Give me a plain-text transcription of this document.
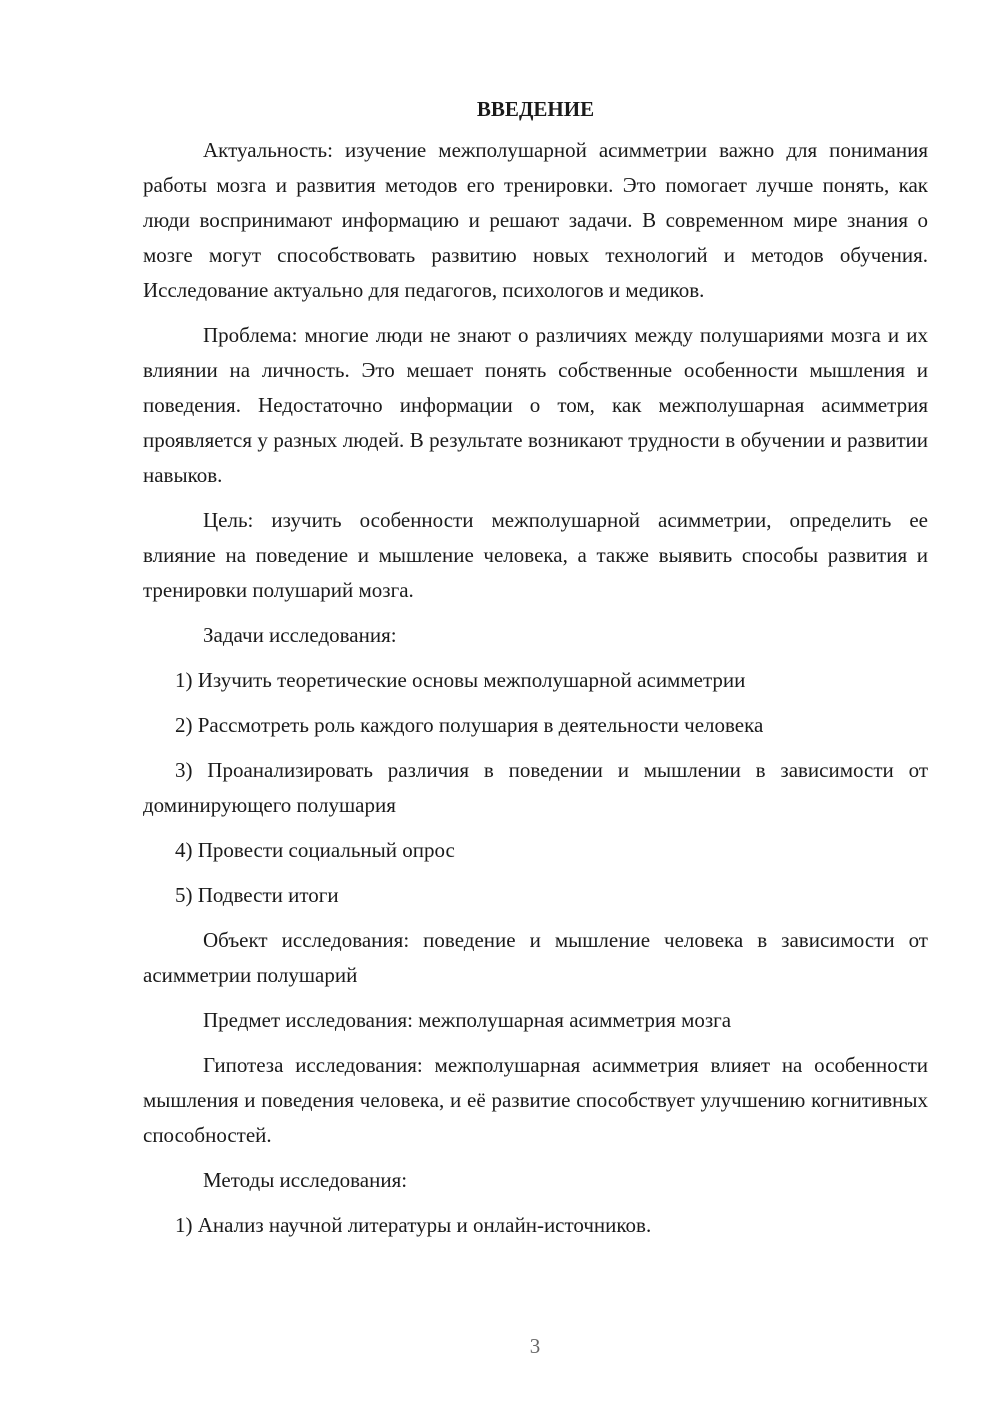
ВВЕДЕНИЕ

Актуальность: изучение межполушарной асимметрии важно для понимания работы мозга и развития методов его тренировки. Это помогает лучше понять, как люди воспринимают информацию и решают задачи. В современном мире знания о мозге могут способствовать развитию новых технологий и методов обучения. Исследование актуально для педагогов, психологов и медиков.

Проблема: многие люди не знают о различиях между полушариями мозга и их влиянии на личность. Это мешает понять собственные особенности мышления и поведения. Недостаточно информации о том, как межполушарная асимметрия проявляется у разных людей. В результате возникают трудности в обучении и развитии навыков.

Цель: изучить особенности межполушарной асимметрии, определить ее влияние на поведение и мышление человека, а также выявить способы развития и тренировки полушарий мозга.

Задачи исследования:

1) Изучить теоретические основы межполушарной асимметрии

2) Рассмотреть роль каждого полушария в деятельности человека

3) Проанализировать различия в поведении и мышлении в зависимости от доминирующего полушария

4) Провести социальный опрос

5) Подвести итоги

Объект исследования: поведение и мышление человека в зависимости от асимметрии полушарий

Предмет исследования: межполушарная асимметрия мозга

Гипотеза исследования: межполушарная асимметрия влияет на особенности мышления и поведения человека, и её развитие способствует улучшению когнитивных способностей.

Методы исследования:

1) Анализ научной литературы и онлайн-источников.

3
